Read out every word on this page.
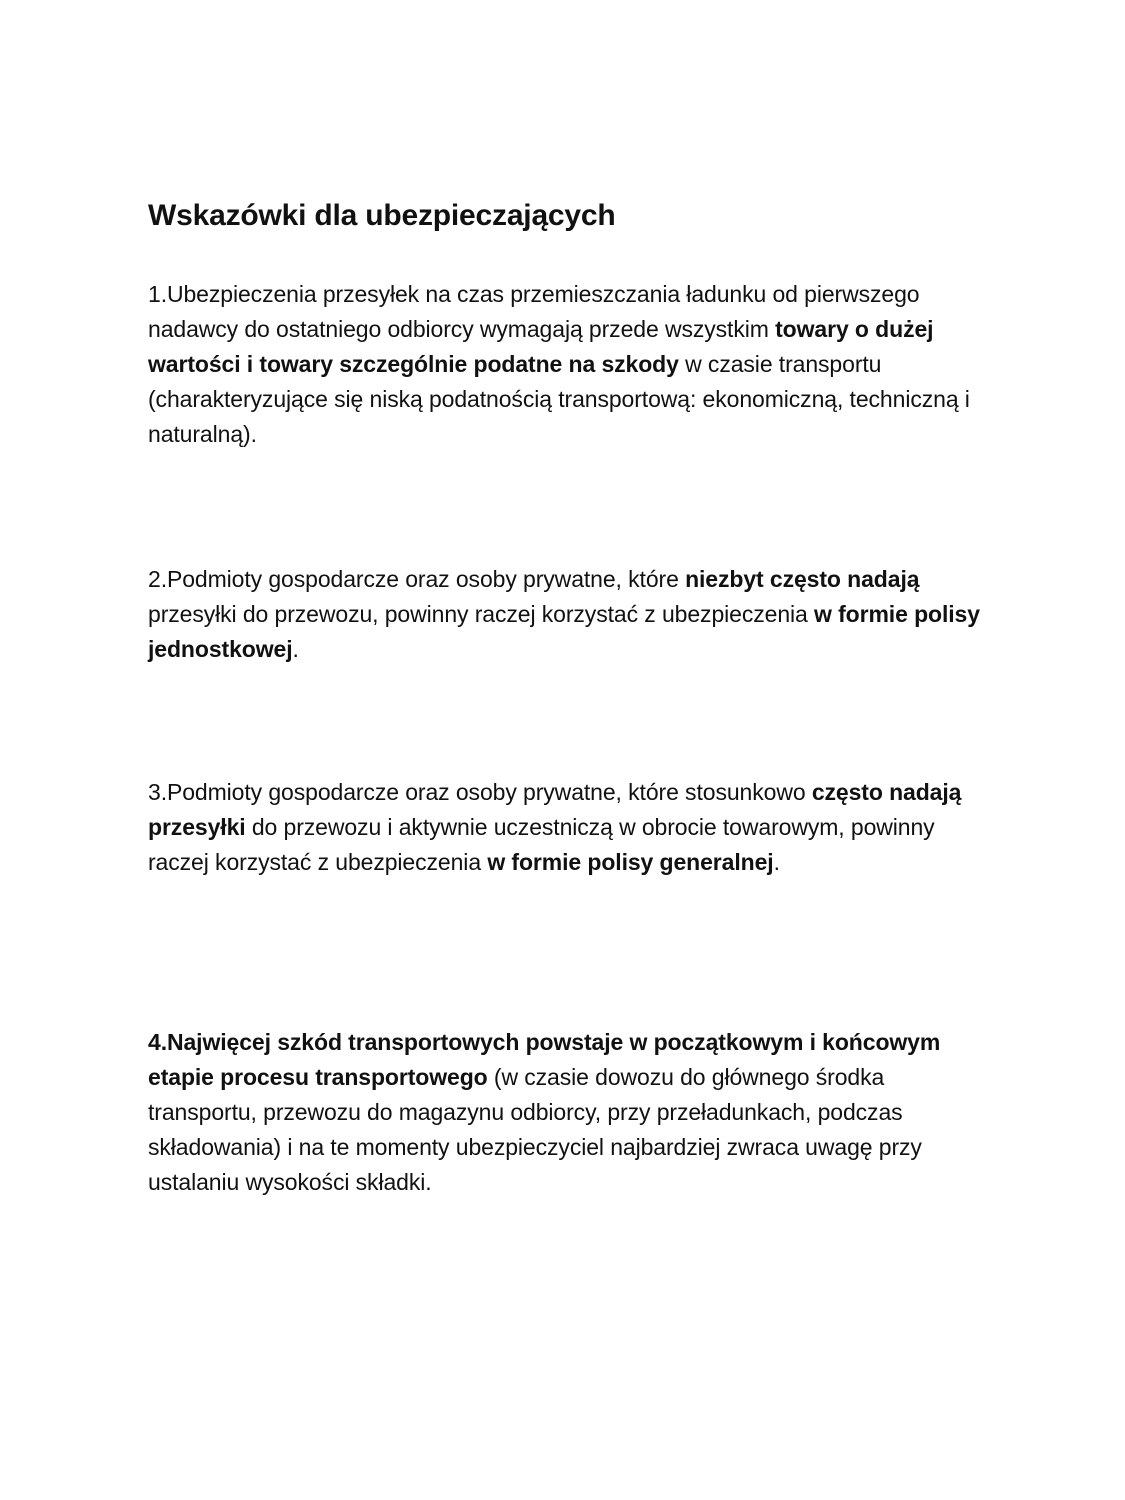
Wskazówki dla ubezpieczających

1.Ubezpieczenia przesyłek na czas przemieszczania ładunku od pierwszego nadawcy do ostatniego odbiorcy wymagają przede wszystkim towary o dużej wartości i towary szczególnie podatne na szkody w czasie transportu (charakteryzujące się niską podatnością transportową: ekonomiczną, techniczną i naturalną).

2.Podmioty gospodarcze oraz osoby prywatne, które niezbyt często nadają przesyłki do przewozu, powinny raczej korzystać z ubezpieczenia w formie polisy jednostkowej.

3.Podmioty gospodarcze oraz osoby prywatne, które stosunkowo często nadają przesyłki do przewozu i aktywnie uczestniczą w obrocie towarowym, powinny raczej korzystać z ubezpieczenia w formie polisy generalnej.

4.Najwięcej szkód transportowych powstaje w początkowym i końcowym etapie procesu transportowego (w czasie dowozu do głównego środka transportu, przewozu do magazynu odbiorcy, przy przeładunkach, podczas składowania) i na te momenty ubezpieczyciel najbardziej zwraca uwagę przy ustalaniu wysokości składki.
